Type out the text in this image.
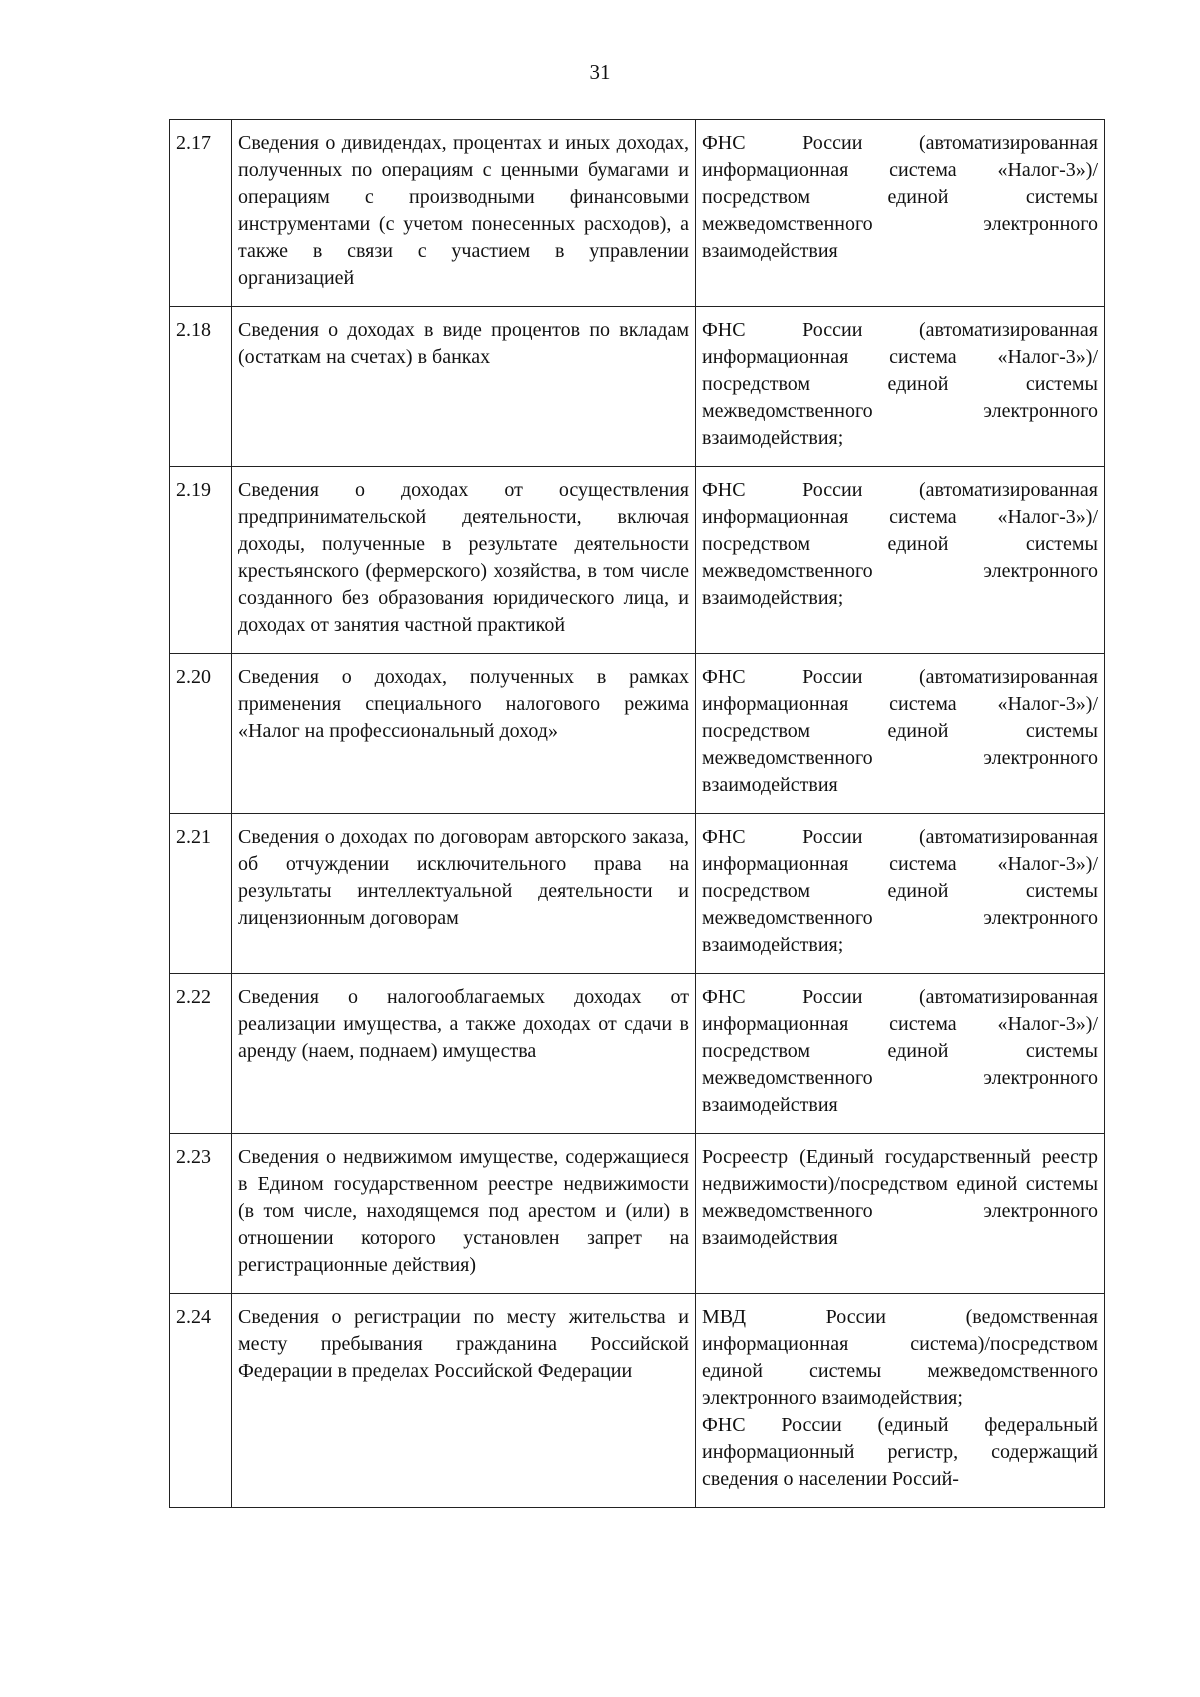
31
2.17	Сведения о дивидендах, процентах и иных доходах, полученных по операциям с ценными бумагами и операциям с производными финансовыми инструментами (с учетом понесенных расходов), а также в связи с участием в управлении организацией	ФНС России (автоматизированная информационная система «Налог-3»)/посредством единой системы межведомственного электронного взаимодействия

2.18	Сведения о доходах в виде процентов по вкладам (остаткам на счетах) в банках	ФНС России (автоматизированная информационная система «Налог-3»)/посредством единой системы межведомственного электронного взаимодействия;

2.19	Сведения о доходах от осуществления предпринимательской деятельности, включая доходы, полученные в результате деятельности крестьянского (фермерского) хозяйства, в том числе созданного без образования юридического лица, и доходах от занятия частной практикой	ФНС России (автоматизированная информационная система «Налог-3»)/посредством единой системы межведомственного электронного взаимодействия;

2.20	Сведения о доходах, полученных в рамках применения специального налогового режима «Налог на профессиональный доход»	ФНС России (автоматизированная информационная система «Налог-3»)/посредством единой системы межведомственного электронного взаимодействия

2.21	Сведения о доходах по договорам авторского заказа, об отчуждении исключительного права на результаты интеллектуальной деятельности и лицензионным договорам	ФНС России (автоматизированная информационная система «Налог-3»)/посредством единой системы межведомственного электронного взаимодействия;

2.22	Сведения о налогооблагаемых доходах от реализации имущества, а также доходах от сдачи в аренду (наем, поднаем) имущества	ФНС России (автоматизированная информационная система «Налог-3»)/посредством единой системы межведомственного электронного взаимодействия

2.23	Сведения о недвижимом имуществе, содержащиеся в Едином государственном реестре недвижимости (в том числе, находящемся под арестом и (или) в отношении которого установлен запрет на регистрационные действия)	Росреестр (Единый государственный реестр недвижимости)/посредством единой системы межведомственного электронного взаимодействия

2.24	Сведения о регистрации по месту жительства и месту пребывания гражданина Российской Федерации в пределах Российской Федерации	МВД России (ведомственная информационная система)/посредством единой системы межведомственного электронного взаимодействия;
ФНС России (единый федеральный информационный регистр, содержащий сведения о населении Россий-
